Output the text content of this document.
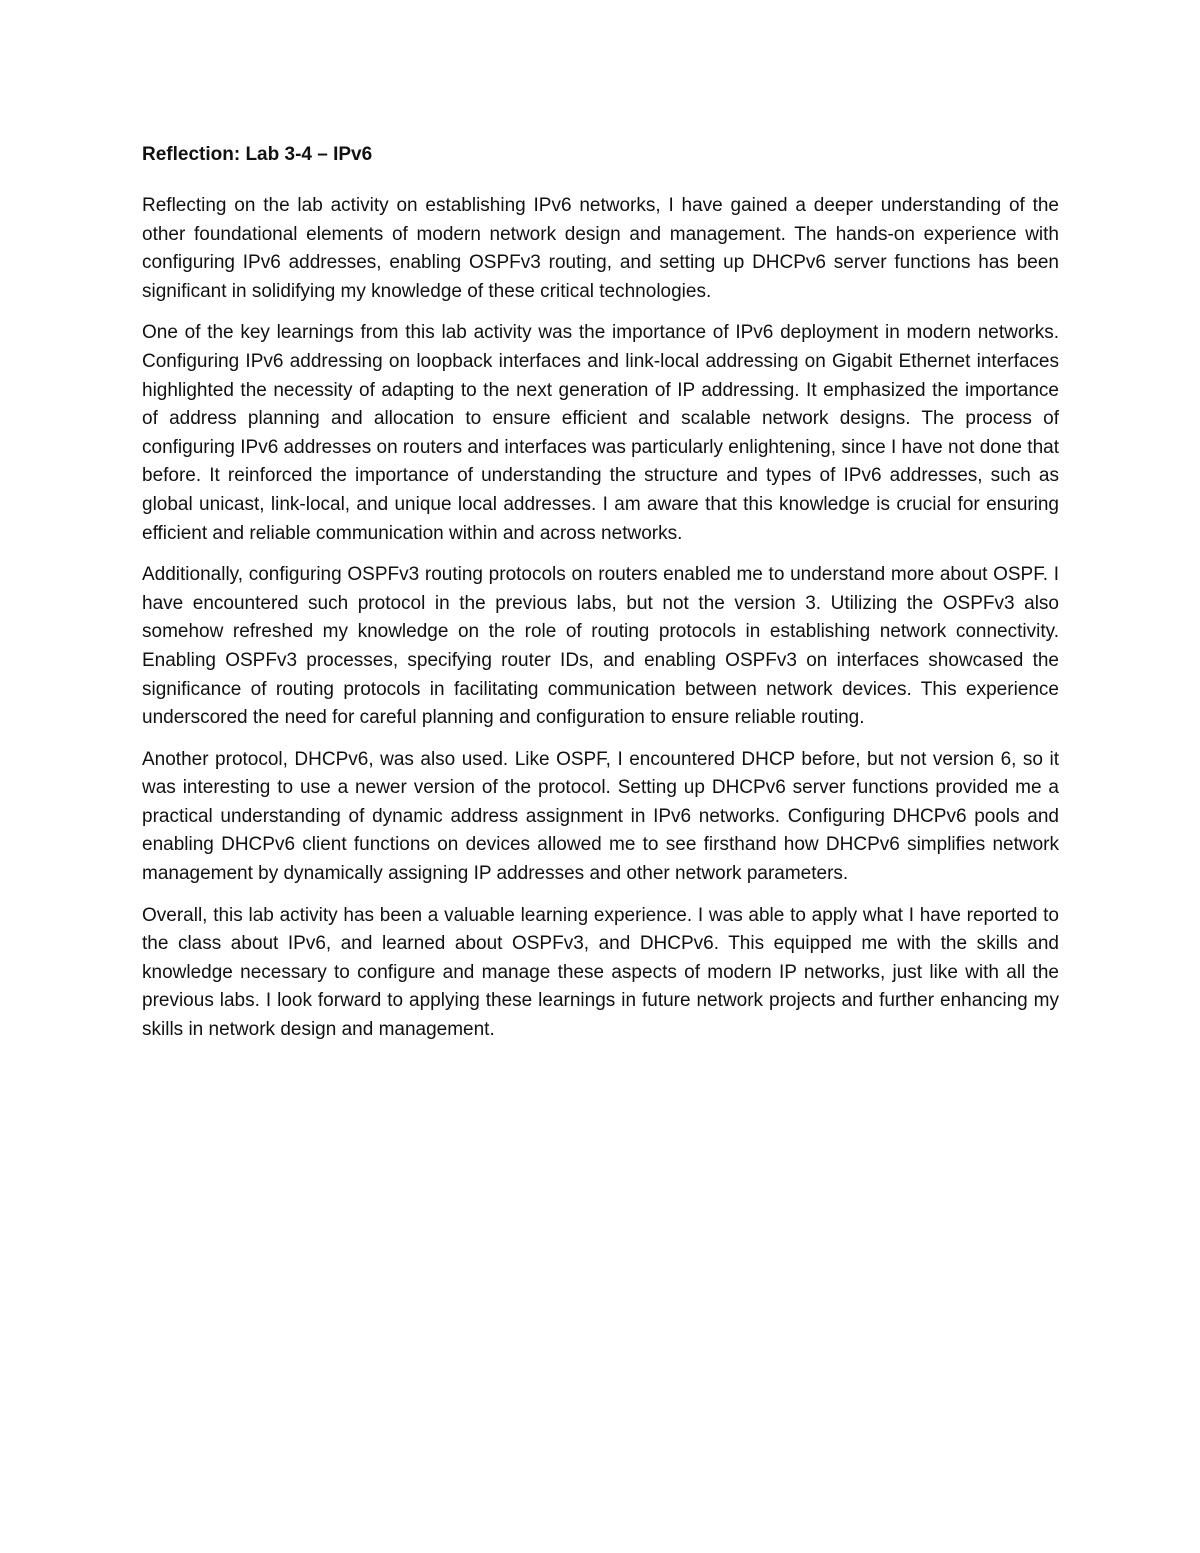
Reflection: Lab 3-4 – IPv6

Reflecting on the lab activity on establishing IPv6 networks, I have gained a deeper understanding of the other foundational elements of modern network design and management. The hands-on experience with configuring IPv6 addresses, enabling OSPFv3 routing, and setting up DHCPv6 server functions has been significant in solidifying my knowledge of these critical technologies.

One of the key learnings from this lab activity was the importance of IPv6 deployment in modern networks. Configuring IPv6 addressing on loopback interfaces and link-local addressing on Gigabit Ethernet interfaces highlighted the necessity of adapting to the next generation of IP addressing. It emphasized the importance of address planning and allocation to ensure efficient and scalable network designs. The process of configuring IPv6 addresses on routers and interfaces was particularly enlightening, since I have not done that before. It reinforced the importance of understanding the structure and types of IPv6 addresses, such as global unicast, link-local, and unique local addresses. I am aware that this knowledge is crucial for ensuring efficient and reliable communication within and across networks.

Additionally, configuring OSPFv3 routing protocols on routers enabled me to understand more about OSPF. I have encountered such protocol in the previous labs, but not the version 3. Utilizing the OSPFv3 also somehow refreshed my knowledge on the role of routing protocols in establishing network connectivity. Enabling OSPFv3 processes, specifying router IDs, and enabling OSPFv3 on interfaces showcased the significance of routing protocols in facilitating communication between network devices. This experience underscored the need for careful planning and configuration to ensure reliable routing.

Another protocol, DHCPv6, was also used. Like OSPF, I encountered DHCP before, but not version 6, so it was interesting to use a newer version of the protocol. Setting up DHCPv6 server functions provided me a practical understanding of dynamic address assignment in IPv6 networks. Configuring DHCPv6 pools and enabling DHCPv6 client functions on devices allowed me to see firsthand how DHCPv6 simplifies network management by dynamically assigning IP addresses and other network parameters.

Overall, this lab activity has been a valuable learning experience. I was able to apply what I have reported to the class about IPv6, and learned about OSPFv3, and DHCPv6. This equipped me with the skills and knowledge necessary to configure and manage these aspects of modern IP networks, just like with all the previous labs. I look forward to applying these learnings in future network projects and further enhancing my skills in network design and management.
